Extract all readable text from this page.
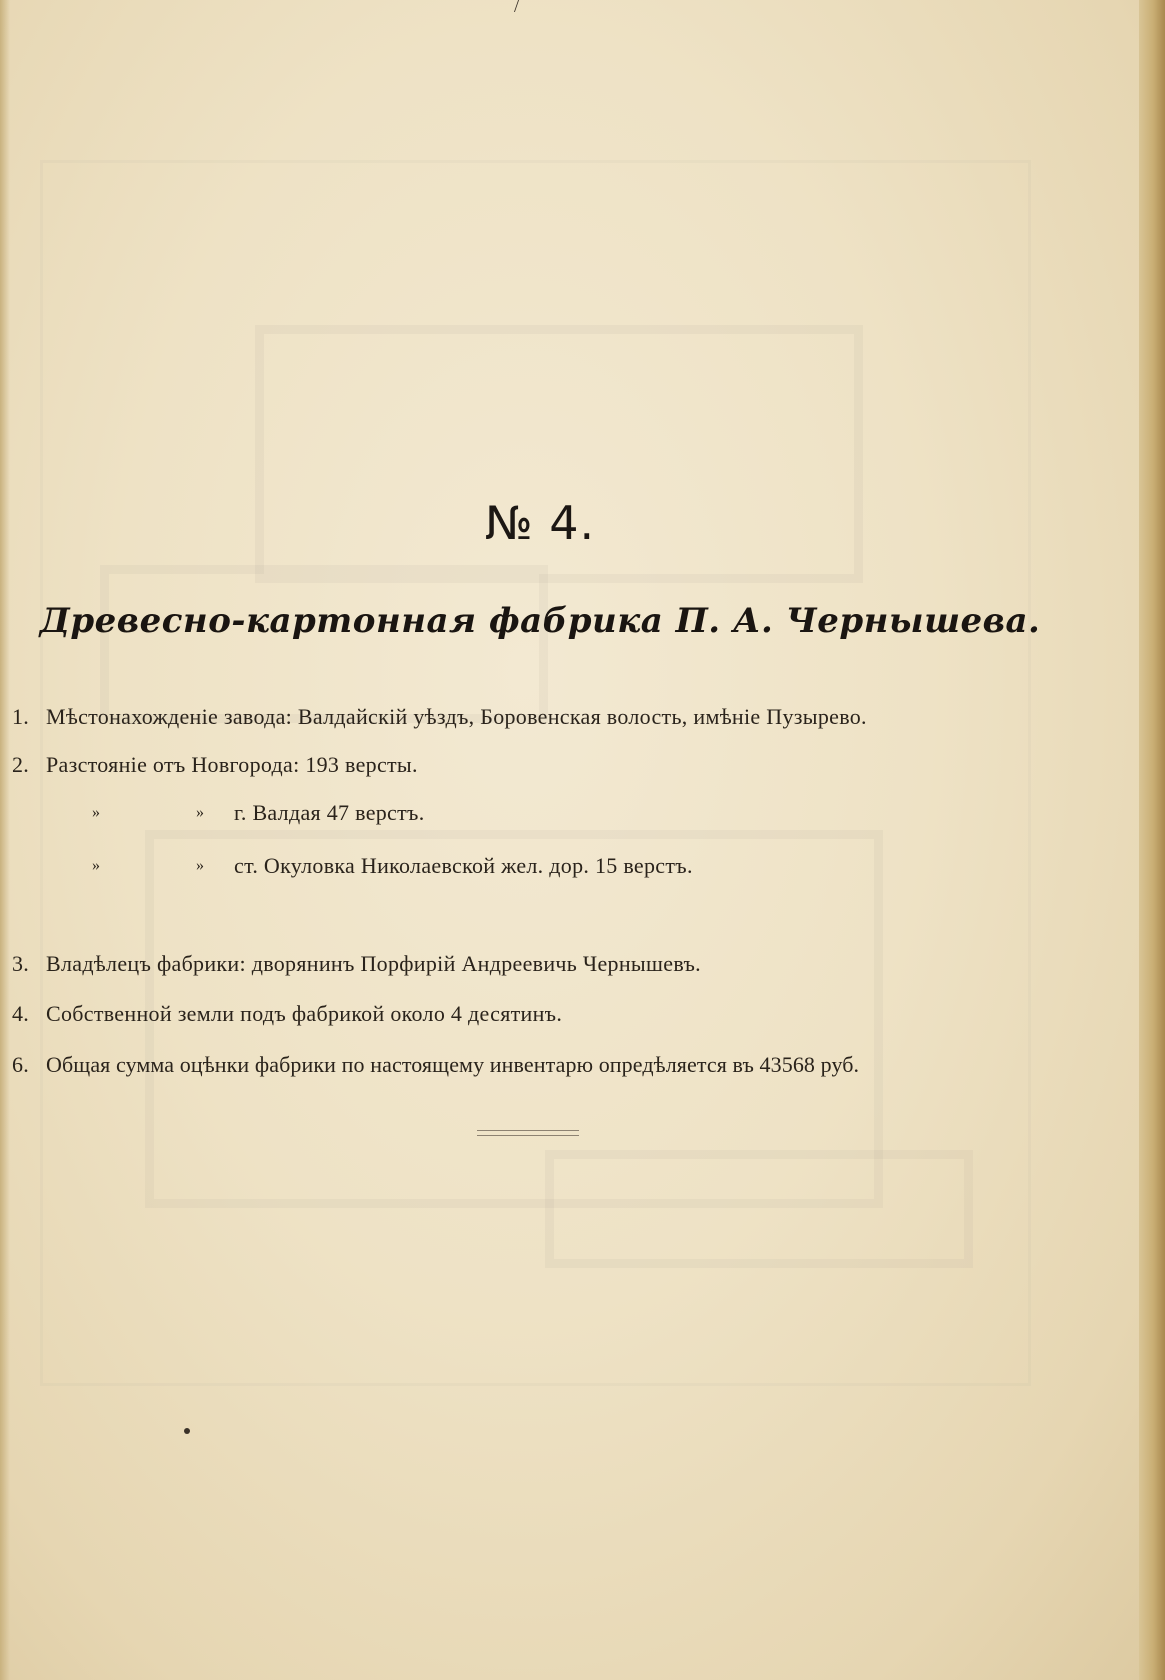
/
№ 4.
Древесно-картонная фабрика П. А. Чернышева.
1. Мѣстонахожденіе завода: Валдайскій уѣздъ, Боровенская волость, имѣніе Пузырево.
2. Разстояніе отъ Новгорода: 193 версты.
»	» г. Валдая 47 верстъ.
»	» ст. Окуловка Николаевской жел. дор. 15 верстъ.
3. Владѣлецъ фабрики: дворянинъ Порфирій Андреевичь Чернышевъ.
4. Собственной земли подъ фабрикой около 4 десятинъ.
6. Общая сумма оцѣнки фабрики по настоящему инвентарю опредѣляется въ 43568 руб.
